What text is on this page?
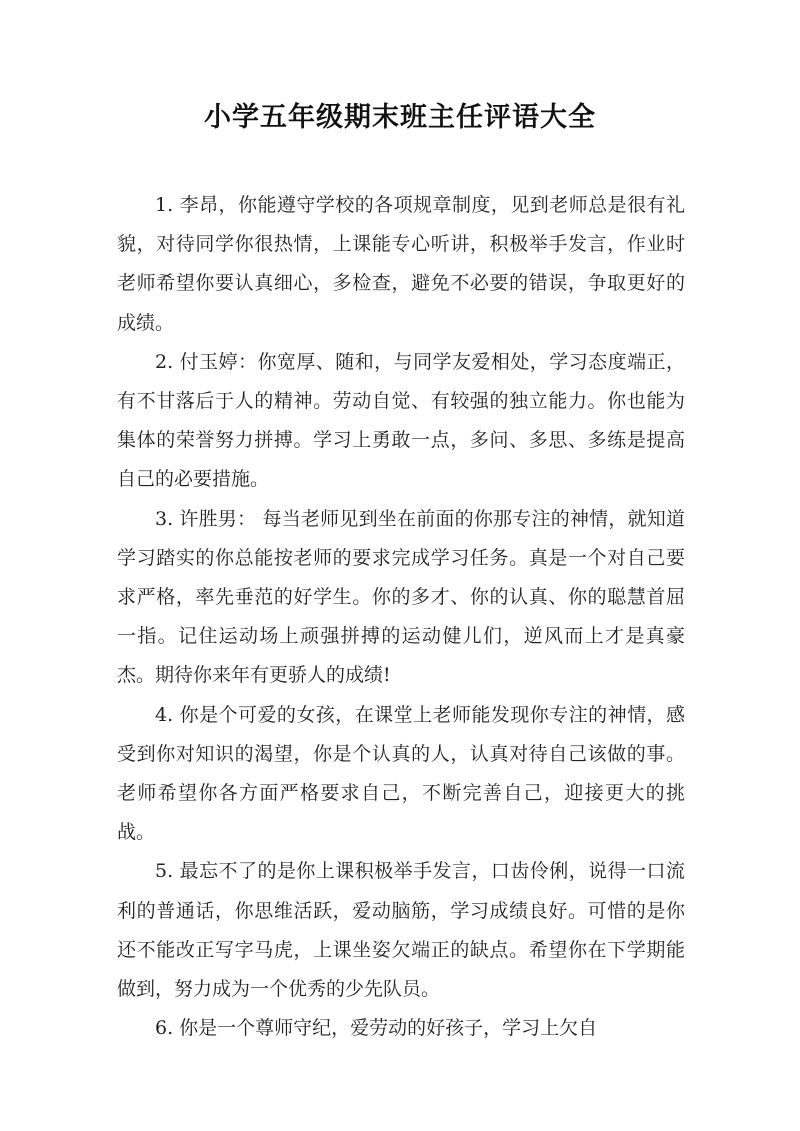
小学五年级期末班主任评语大全

1. 李昂，你能遵守学校的各项规章制度，见到老师总是很有礼貌，对待同学你很热情，上课能专心听讲，积极举手发言，作业时老师希望你要认真细心，多检查，避免不必要的错误，争取更好的成绩。

2. 付玉婷：你宽厚、随和，与同学友爱相处，学习态度端正，有不甘落后于人的精神。劳动自觉、有较强的独立能力。你也能为集体的荣誉努力拼搏。学习上勇敢一点，多问、多思、多练是提高自己的必要措施。

3. 许胜男： 每当老师见到坐在前面的你那专注的神情，就知道学习踏实的你总能按老师的要求完成学习任务。真是一个对自己要求严格，率先垂范的好学生。你的多才、你的认真、你的聪慧首屈一指。记住运动场上顽强拼搏的运动健儿们，逆风而上才是真豪杰。期待你来年有更骄人的成绩!

4. 你是个可爱的女孩，在课堂上老师能发现你专注的神情，感受到你对知识的渴望，你是个认真的人，认真对待自己该做的事。老师希望你各方面严格要求自己，不断完善自己，迎接更大的挑战。

5. 最忘不了的是你上课积极举手发言，口齿伶俐，说得一口流利的普通话，你思维活跃，爱动脑筋，学习成绩良好。可惜的是你还不能改正写字马虎，上课坐姿欠端正的缺点。希望你在下学期能做到，努力成为一个优秀的少先队员。

6. 你是一个尊师守纪，爱劳动的好孩子，学习上欠自
